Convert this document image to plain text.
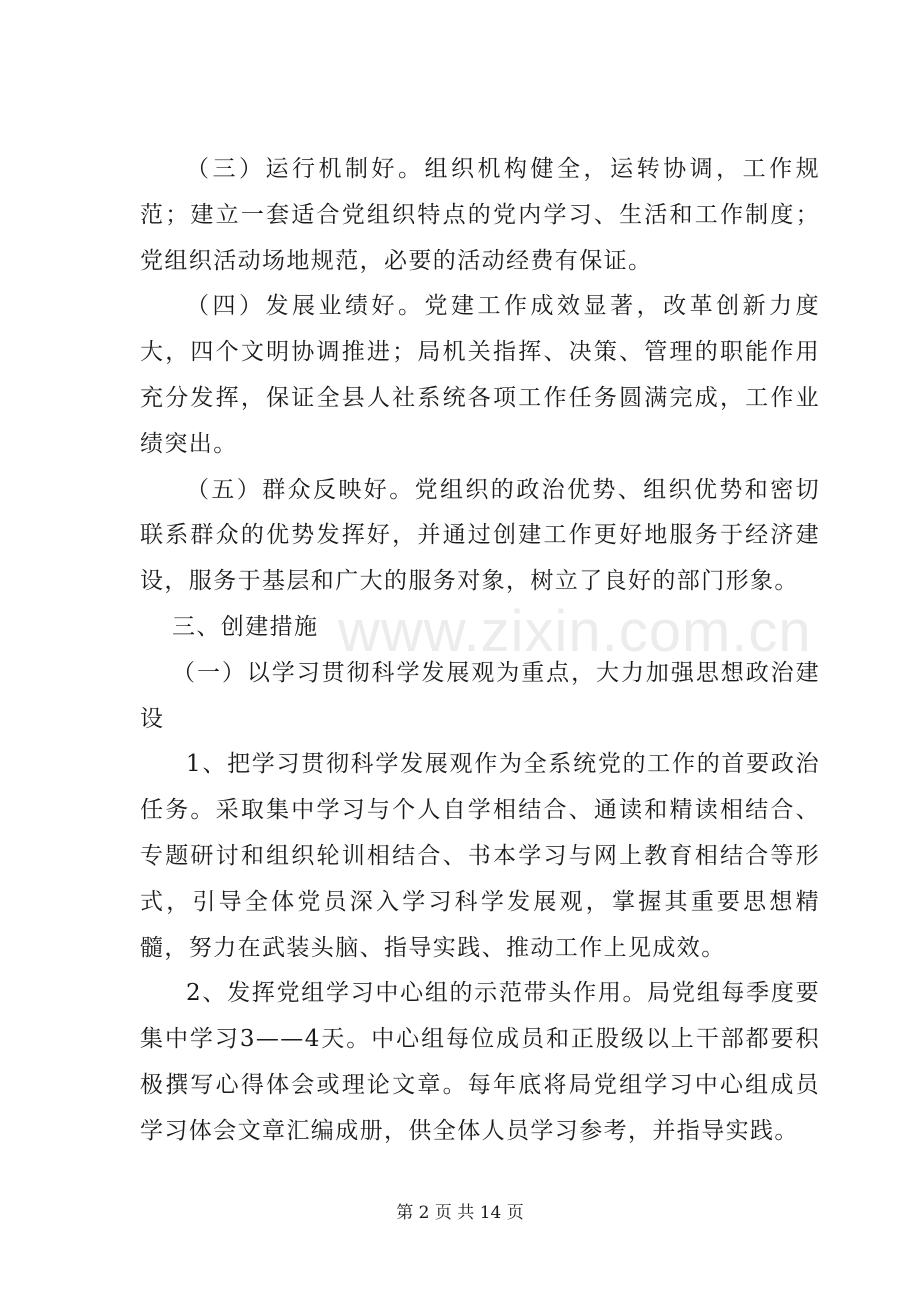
（三）运行机制好。组织机构健全，运转协调，工作规范；建立一套适合党组织特点的党内学习、生活和工作制度；党组织活动场地规范，必要的活动经费有保证。

（四）发展业绩好。党建工作成效显著，改革创新力度大，四个文明协调推进；局机关指挥、决策、管理的职能作用充分发挥，保证全县人社系统各项工作任务圆满完成，工作业绩突出。

（五）群众反映好。党组织的政治优势、组织优势和密切联系群众的优势发挥好，并通过创建工作更好地服务于经济建设，服务于基层和广大的服务对象，树立了良好的部门形象。

三、创建措施

（一）以学习贯彻科学发展观为重点，大力加强思想政治建设

1、把学习贯彻科学发展观作为全系统党的工作的首要政治任务。采取集中学习与个人自学相结合、通读和精读相结合、专题研讨和组织轮训相结合、书本学习与网上教育相结合等形式，引导全体党员深入学习科学发展观，掌握其重要思想精髓，努力在武装头脑、指导实践、推动工作上见成效。

2、发挥党组学习中心组的示范带头作用。局党组每季度要集中学习3——4天。中心组每位成员和正股级以上干部都要积极撰写心得体会或理论文章。每年底将局党组学习中心组成员学习体会文章汇编成册，供全体人员学习参考，并指导实践。

www.zixin.com.cn
第 2 页 共 14 页
